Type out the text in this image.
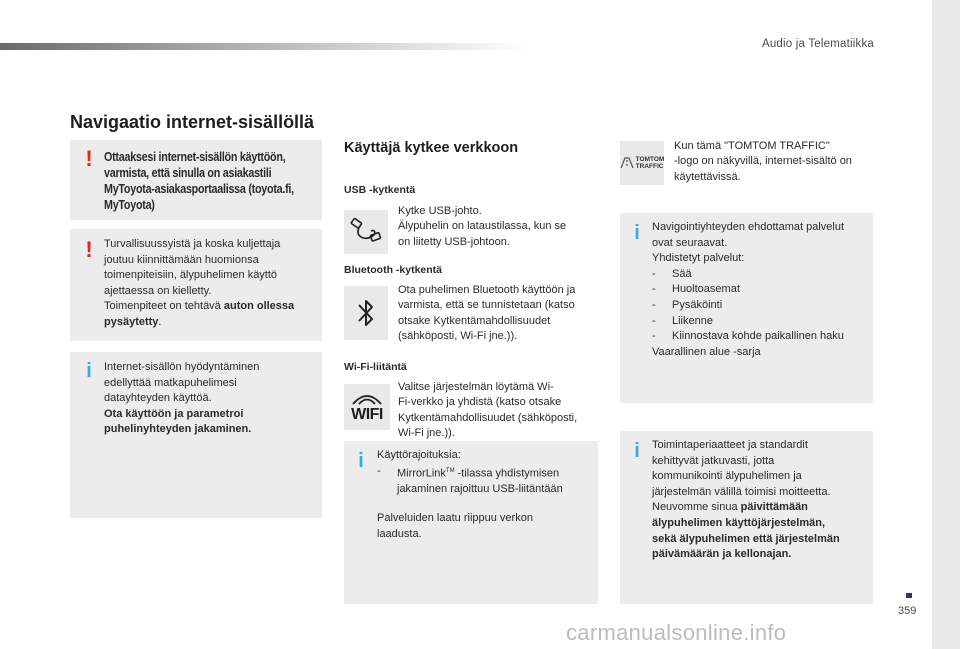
Audio ja Telematiikka
Navigaatio internet-sisällöllä
! Ottaaksesi internet-sisällön käyttöön, varmista, että sinulla on asiakastili MyToyota-asiakasportaalissa (toyota.fi, MyToyota)
! Turvallisuussyistä ja koska kuljettaja
joutuu kiinnittämään huomionsa
toimenpiteisiin, älypuhelimen käyttö
ajettaessa on kielletty.
Toimenpiteet on tehtävä auton ollessa
pysäytetty.
i Internet-sisällön hyödyntäminen
edellyttää matkapuhelimesi
datayhteyden käyttöä.
Ota käyttöön ja parametroi
puhelinyhteyden jakaminen.
Käyttäjä kytkee verkkoon
USB -kytkentä
Kytke USB-johto.
Älypuhelin on lataustilassa, kun se
on liitetty USB-johtoon.
Bluetooth -kytkentä
Ota puhelimen Bluetooth käyttöön ja
varmista, että se tunnistetaan (katso
otsake Kytkentämahdollisuudet
(sähköposti, Wi-Fi jne.)).
Wi-Fi-liitäntä
WIFI
Valitse järjestelmän löytämä Wi-
Fi-verkko ja yhdistä (katso otsake
Kytkentämahdollisuudet (sähköposti,
Wi-Fi jne.)).
i Käyttörajoituksia:
-	MirrorLink™ -tilassa yhdistymisen
jakaminen rajoittuu USB-liitäntään
Palveluiden laatu riippuu verkon
laadusta.
TOMTOM
TRAFFIC
Kun tämä "TOMTOM TRAFFIC"
-logo on näkyvillä, internet-sisältö on
käytettävissä.
i Navigointiyhteyden ehdottamat palvelut
ovat seuraavat.
Yhdistetyt palvelut:
-	Sää
-	Huoltoasemat
-	Pysäköinti
-	Liikenne
-	Kiinnostava kohde paikallinen haku
Vaarallinen alue -sarja
i Toimintaperiaatteet ja standardit
kehittyvät jatkuvasti, jotta
kommunikointi älypuhelimen ja
järjestelmän välillä toimisi moitteetta.
Neuvomme sinua päivittämään
älypuhelimen käyttöjärjestelmän,
sekä älypuhelimen että järjestelmän
päivämäärän ja kellonajan.
359
carmanualsonline.info
